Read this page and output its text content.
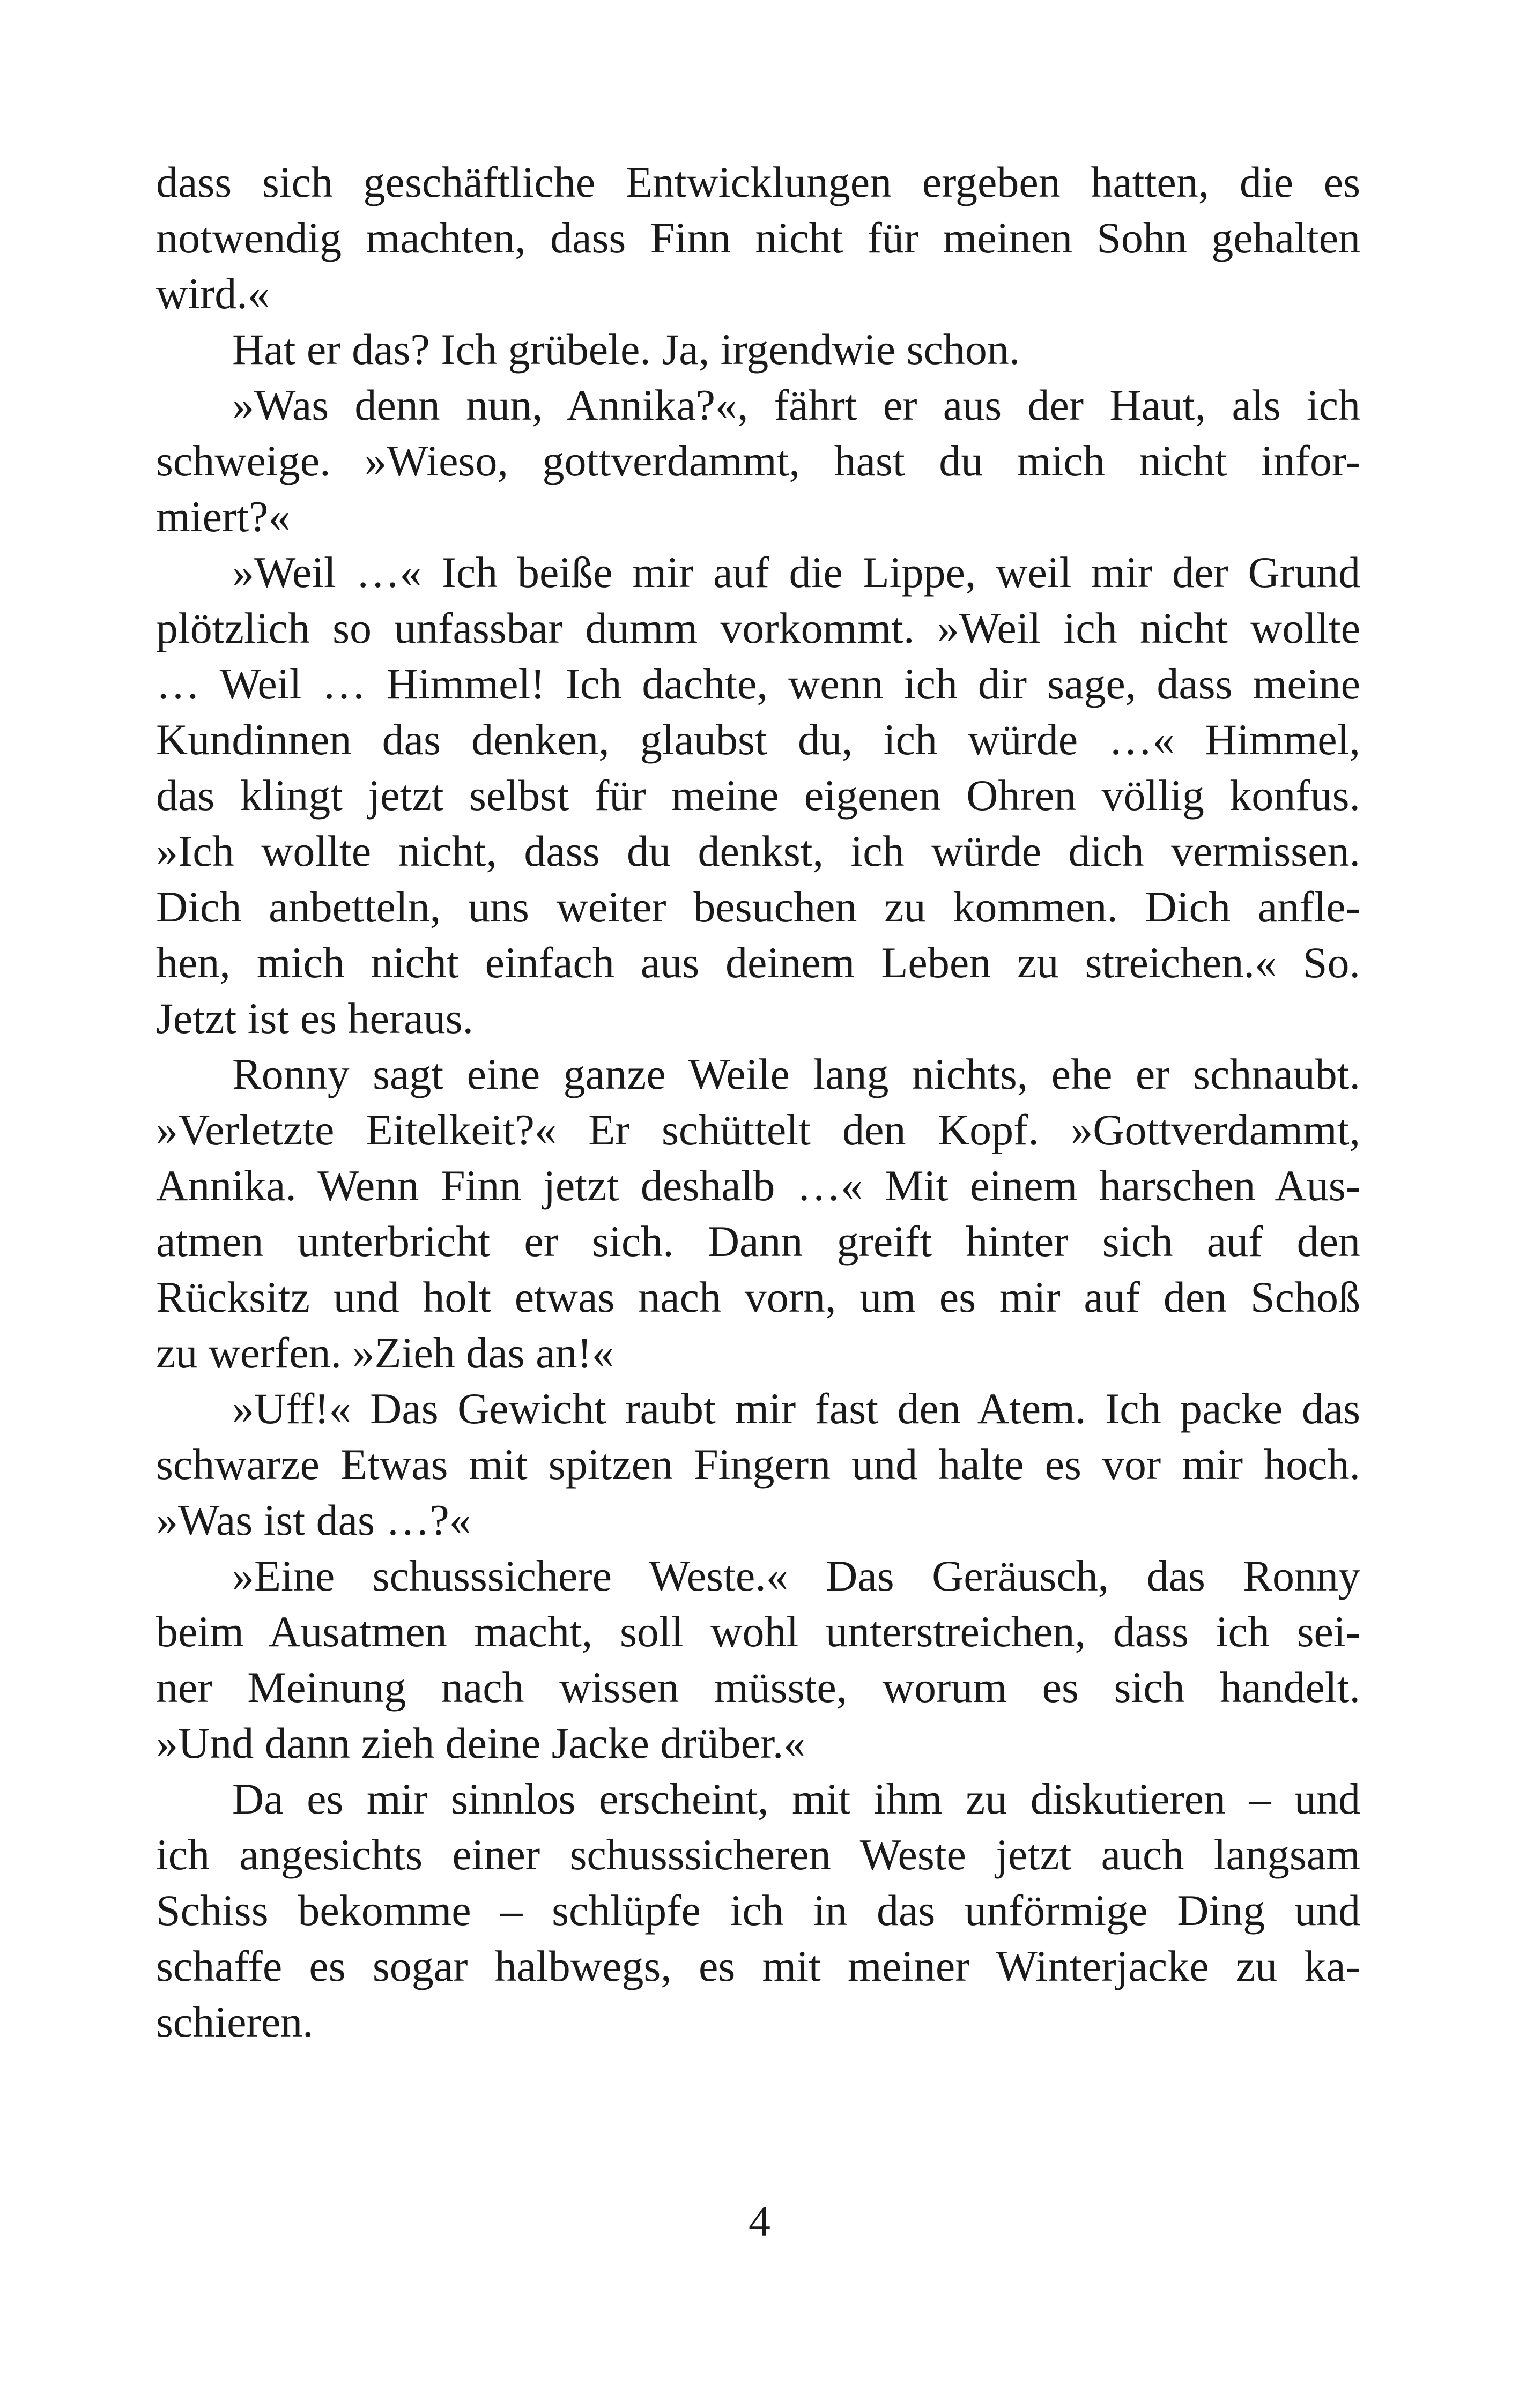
dass sich geschäftliche Entwicklungen ergeben hatten, die es
notwendig machten, dass Finn nicht für meinen Sohn gehalten
wird.«
Hat er das? Ich grübele. Ja, irgendwie schon.
»Was denn nun, Annika?«, fährt er aus der Haut, als ich
schweige. »Wieso, gottverdammt, hast du mich nicht infor-
miert?«
»Weil …« Ich beiße mir auf die Lippe, weil mir der Grund
plötzlich so unfassbar dumm vorkommt. »Weil ich nicht wollte
… Weil … Himmel! Ich dachte, wenn ich dir sage, dass meine
Kundinnen das denken, glaubst du, ich würde …« Himmel,
das klingt jetzt selbst für meine eigenen Ohren völlig konfus.
»Ich wollte nicht, dass du denkst, ich würde dich vermissen.
Dich anbetteln, uns weiter besuchen zu kommen. Dich anfle-
hen, mich nicht einfach aus deinem Leben zu streichen.« So.
Jetzt ist es heraus.
Ronny sagt eine ganze Weile lang nichts, ehe er schnaubt.
»Verletzte Eitelkeit?« Er schüttelt den Kopf. »Gottverdammt,
Annika. Wenn Finn jetzt deshalb …« Mit einem harschen Aus-
atmen unterbricht er sich. Dann greift hinter sich auf den
Rücksitz und holt etwas nach vorn, um es mir auf den Schoß
zu werfen. »Zieh das an!«
»Uff!« Das Gewicht raubt mir fast den Atem. Ich packe das
schwarze Etwas mit spitzen Fingern und halte es vor mir hoch.
»Was ist das …?«
»Eine schusssichere Weste.« Das Geräusch, das Ronny
beim Ausatmen macht, soll wohl unterstreichen, dass ich sei-
ner Meinung nach wissen müsste, worum es sich handelt.
»Und dann zieh deine Jacke drüber.«
Da es mir sinnlos erscheint, mit ihm zu diskutieren – und
ich angesichts einer schusssicheren Weste jetzt auch langsam
Schiss bekomme – schlüpfe ich in das unförmige Ding und
schaffe es sogar halbwegs, es mit meiner Winterjacke zu ka-
schieren.
4
